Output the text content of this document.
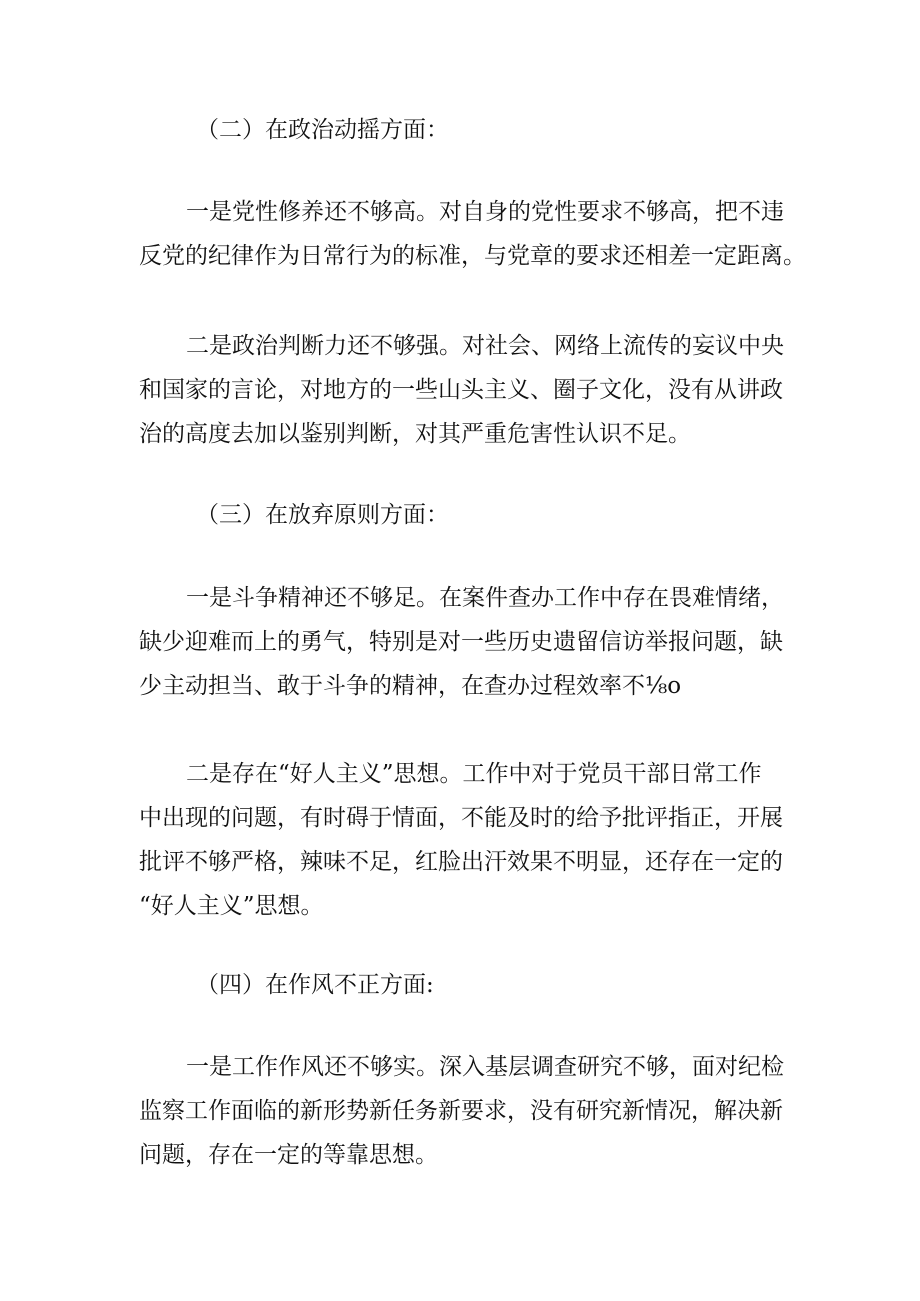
（二）在政治动摇方面：

一是党性修养还不够高。对自身的党性要求不够高，把不违
反党的纪律作为日常行为的标准，与党章的要求还相差一定距离。
二是政治判断力还不够强。对社会、网络上流传的妄议中央
和国家的言论，对地方的一些山头主义、圈子文化，没有从讲政
治的高度去加以鉴别判断，对其严重危害性认识不足。

（三）在放弃原则方面：

一是斗争精神还不够足。在案件查办工作中存在畏难情绪，
缺少迎难而上的勇气，特别是对一些历史遗留信访举报问题，缺
少主动担当、敢于斗争的精神，在查办过程效率不⅛o
二是存在“好人主义”思想。工作中对于党员干部日常工作
中出现的问题，有时碍于情面，不能及时的给予批评指正，开展
批评不够严格，辣味不足，红脸出汗效果不明显，还存在一定的
“好人主义”思想。

（四）在作风不正方面:

一是工作作风还不够实。深入基层调查研究不够，面对纪检
监察工作面临的新形势新任务新要求，没有研究新情况，解决新
问题，存在一定的等靠思想。
